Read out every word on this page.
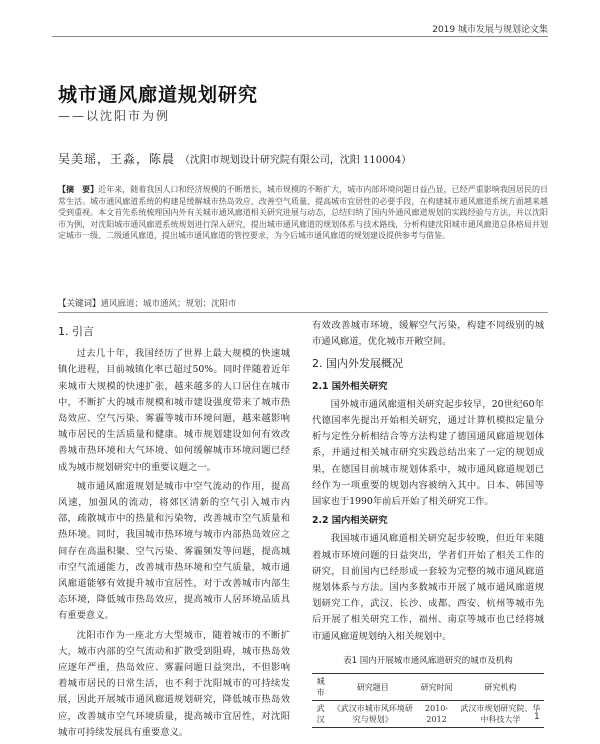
2019 城市发展与规划论文集
城市通风廊道规划研究
——以沈阳市为例
吴美瑶，王淼，陈晨 （沈阳市规划设计研究院有限公司，沈阳 110004）
【摘　要】近年来，随着我国人口和经济规模的不断增长，城市规模的不断扩大，城市内部环境问题日益凸显，已经严重影响我国居民的日常生活。城市通风廊道系统的构建是缓解城市热岛效应、改善空气质量、提高城市宜居性的必要手段，在构建城市通风廊道系统方面越来越受到重视。本文首先系统梳理国内外有关城市通风廊道相关研究进展与动态，总结归纳了国内外通风廊道规划的实践经验与方法，并以沈阳市为例，对沈阳城市通风廊道系统规划进行深入研究，提出城市通风廊道的规划体系与技术路线，分析构建沈阳城市通风廊道总体格局并划定城市一级、二级通风廊道，提出城市通风廊道的管控要求，为今后城市通风廊道的规划建设提供参考与借鉴。
【关键词】通风廊道；城市通风；规划；沈阳市
1. 引言

过去几十年，我国经历了世界上最大规模的快速城镇化进程，目前城镇化率已超过50%。同时伴随着近年来城市大规模的快速扩张，越来越多的人口居住在城市中，不断扩大的城市规模和城市建设强度带来了城市热岛效应、空气污染、雾霾等城市环境问题，越来越影响城市居民的生活质量和健康。城市规划建设如何有效改善城市热环境和大气环境、如何缓解城市环境问题已经成为城市规划研究中的重要议题之一。

城市通风廊道规划是城市中空气流动的作用，提高风速，加强风的流动，将郊区清新的空气引入城市内部，疏散城市中的热量和污染物，改善城市空气质量和热环境。同时，我国城市热环境与城市内部热岛效应之间存在高温积聚、空气污染、雾霾频发等问题，提高城市空气流通能力，改善城市热环境和空气质量，城市通风廊道能够有效提升城市宜居性，对于改善城市内部生态环境，降低城市热岛效应，提高城市人居环境品质具有重要意义。

沈阳市作为一座北方大型城市，随着城市的不断扩大，城市内部的空气流动和扩散受到阻碍，城市热岛效应逐年严重，热岛效应、雾霾问题日益突出，不但影响着城市居民的日常生活，也不利于沈阳城市的可持续发展，因此开展城市通风廊道规划研究，降低城市热岛效应，改善城市空气环境质量，提高城市宜居性，对沈阳城市可持续发展具有重要意义。

有效改善城市环境，缓解空气污染，构建不同级别的城市通风廊道，优化城市开敞空间。

2. 国内外发展概况
2.1 国外相关研究

国外城市通风廊道相关研究起步较早，20世纪60年代德国率先提出开始相关研究，通过计算机模拟定量分析与定性分析相结合等方法构建了德国通风廊道规划体系，并通过相关城市研究实践总结出来了一定的规划成果，在德国目前城市规划体系中，城市通风廊道规划已经作为一项重要的规划内容被纳入其中。日本、韩国等国家也于1990年前后开始了相关研究工作。

2.2 国内相关研究

我国城市通风廊道相关研究起步较晚，但近年来随着城市环境问题的日益突出，学者们开始了相关工作的研究，目前国内已经形成一套较为完整的城市通风廊道规划体系与方法。国内多数城市开展了城市通风廊道规划研究工作，武汉、长沙、成都、西安、杭州等城市先后开展了相关研究工作，福州、南京等城市也已经将城市通风廊道规划纳入相关规划中。

表1 国内开展城市通风廊道研究的城市及机构
城市	研究题目	研究时间	研究机构
武汉	《武汉市城市风环境研究与规划》	2010-2012	武汉市规划研究院、华中科技大学 1
